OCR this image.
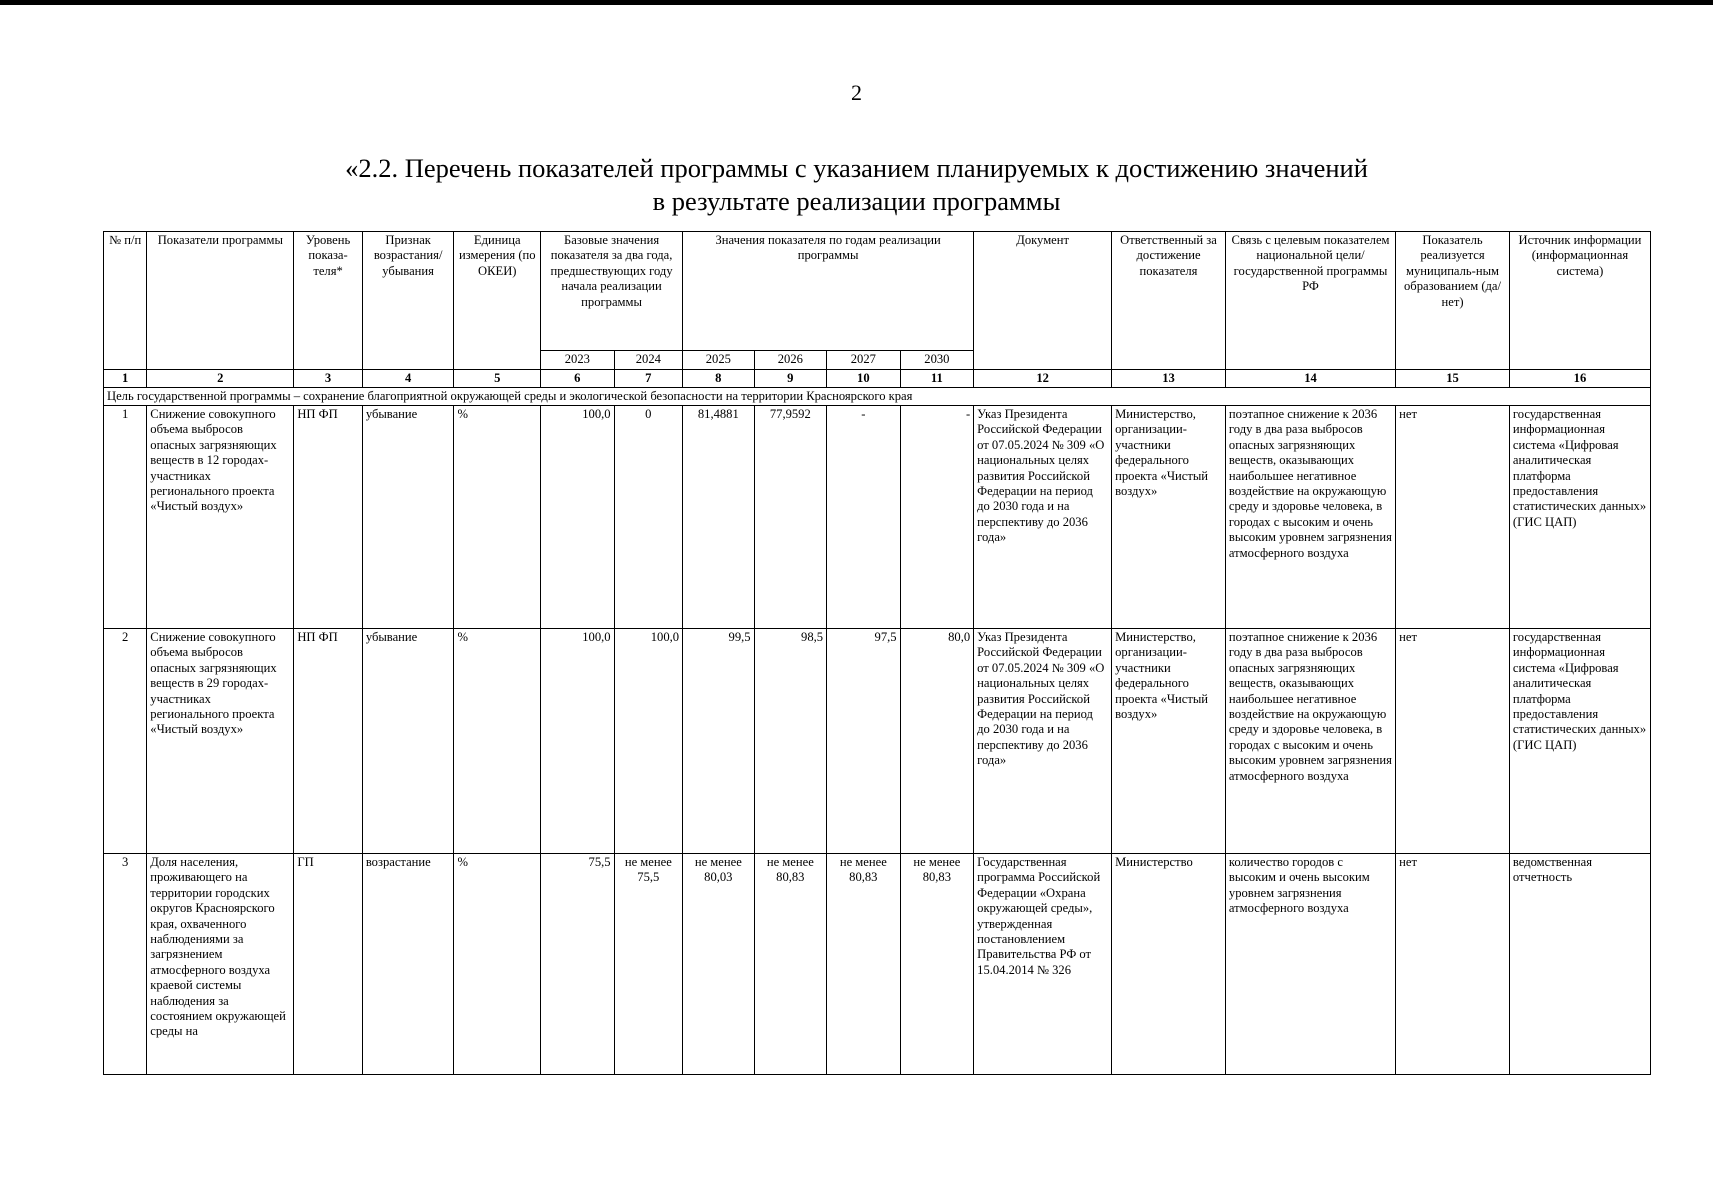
2
«2.2. Перечень показателей программы с указанием планируемых к достижению значений
в результате реализации программы
№ п/п	Показатели программы	Уровень показа-теля*	Признак возрастания/ убывания	Единица измерения (по ОКЕИ)	Базовые значения показателя за два года, предшествующих году начала реализации программы		Значения показателя по годам реализации программы				Документ	Ответственный за достижение показателя	Связь с целевым показателем национальной цели/ государственной программы РФ	Показатель реализуется муниципаль-ным образованием (да/нет)	Источник информации (информационная система)
					2023	2024	2025	2026	2027	2030					
1	2	3	4	5	6	7	8	9	10	11	12	13	14	15	16
Цель государственной программы – сохранение благоприятной окружающей среды и экологической безопасности на территории Красноярского края															
1	Снижение совокупного объема выбросов опасных загрязняющих веществ в 12 городах-участниках регионального проекта «Чистый воздух»	НП ФП	убывание	%	100,0	0	81,4881	77,9592	-	-	Указ Президента Российской Федерации от 07.05.2024 № 309 «О национальных целях развития Российской Федерации на период до 2030 года и на перспективу до 2036 года»	Министерство, организации-участники федерального проекта «Чистый воздух»	поэтапное снижение к 2036 году в два раза выбросов опасных загрязняющих веществ, оказывающих наибольшее негативное воздействие на окружающую среду и здоровье человека, в городах с высоким и очень высоким уровнем загрязнения атмосферного воздуха	нет	государственная информационная система «Цифровая аналитическая платформа предоставления статистических данных» (ГИС ЦАП)
2	Снижение совокупного объема выбросов опасных загрязняющих веществ в 29 городах-участниках регионального проекта «Чистый воздух»	НП ФП	убывание	%	100,0	100,0	99,5	98,5	97,5	80,0	Указ Президента Российской Федерации от 07.05.2024 № 309 «О национальных целях развития Российской Федерации на период до 2030 года и на перспективу до 2036 года»	Министерство, организации-участники федерального проекта «Чистый воздух»	поэтапное снижение к 2036 году в два раза выбросов опасных загрязняющих веществ, оказывающих наибольшее негативное воздействие на окружающую среду и здоровье человека, в городах с высоким и очень высоким уровнем загрязнения атмосферного воздуха	нет	государственная информационная система «Цифровая аналитическая платформа предоставления статистических данных» (ГИС ЦАП)
3	Доля населения, проживающего на территории городских округов Красноярского края, охваченного наблюдениями за загрязнением атмосферного воздуха краевой системы наблюдения за состоянием окружающей среды на	ГП	возрастание	%	75,5	не менее 75,5	не менее 80,03	не менее 80,83	не менее 80,83	не менее 80,83	Государственная программа Российской Федерации «Охрана окружающей среды», утвержденная постановлением Правительства РФ от 15.04.2014 № 326	Министерство	количество городов с высоким и очень высоким уровнем загрязнения атмосферного воздуха	нет	ведомственная отчетность
